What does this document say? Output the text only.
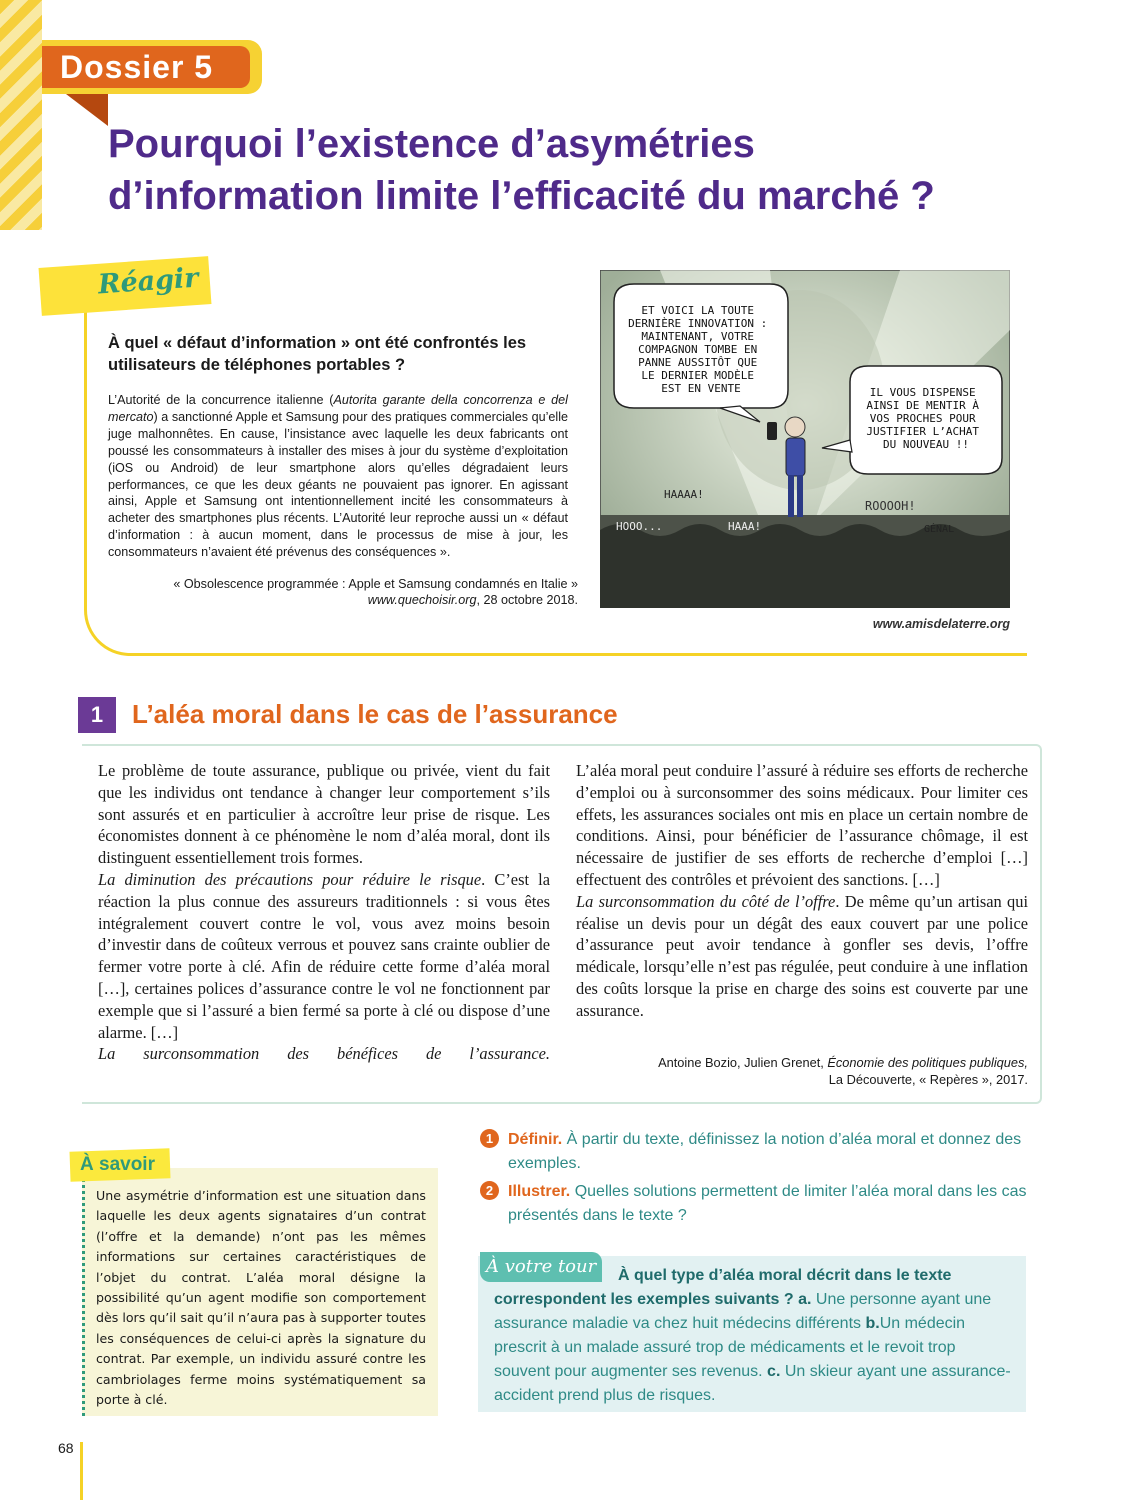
Dossier 5
Pourquoi l’existence d’asymétries
d’information limite l’efficacité du marché ?
Réagir
À quel « défaut d’information » ont été confrontés les utilisateurs de téléphones portables ?
L’Autorité de la concurrence italienne (Autorita garante della concorrenza e del mercato) a sanctionné Apple et Samsung pour des pratiques commerciales qu’elle juge malhonnêtes. En cause, l’insistance avec laquelle les deux fabricants ont poussé les consommateurs à installer des mises à jour du système d’exploitation (iOS ou Android) de leur smartphone alors qu’elles dégradaient leurs performances, ce que les deux géants ne pouvaient pas ignorer. En agissant ainsi, Apple et Samsung ont intentionnellement incité les consommateurs à acheter des smartphones plus récents. L’Autorité leur reproche aussi un « défaut d’information : à aucun moment, dans le processus de mise à jour, les consommateurs n’avaient été prévenus des conséquences ».
« Obsolescence programmée : Apple et Samsung condamnés en Italie »
www.quechoisir.org, 28 octobre 2018.
ET VOICI LA TOUTE DERNIÈRE INNOVATION : MAINTENANT, VOTRE COMPAGNON TOMBE EN PANNE AUSSITÔT QUE LE DERNIER MODÈLE EST EN VENTE	IL VOUS DISPENSE AINSI DE MENTIR À VOS PROCHES POUR JUSTIFIER L’ACHAT DU NOUVEAU !!
HAAAA!
HOOO...	HAAA!
ROOOOH!
GÉNAL
www.amisdelaterre.org
1	L’aléa moral dans le cas de l’assurance

Le problème de toute assurance, publique ou privée, vient du fait que les individus ont tendance à changer leur comportement s’ils sont assurés et en particulier à accroître leur prise de risque. Les économistes donnent à ce phénomène le nom d’aléa moral, dont ils distinguent essentiellement trois formes.

La diminution des précautions pour réduire le risque. C’est la réaction la plus connue des assureurs traditionnels : si vous êtes intégralement couvert contre le vol, vous avez moins besoin d’investir dans de coûteux verrous et pouvez sans crainte oublier de fermer votre porte à clé. Afin de réduire cette forme d’aléa moral […], certaines polices d’assurance contre le vol ne fonctionnent par exemple que si l’assuré a bien fermé sa porte à clé ou dispose d’une alarme. […]

La surconsommation des bénéfices de l’assurance.

L’aléa moral peut conduire l’assuré à réduire ses efforts de recherche d’emploi ou à surconsommer des soins médicaux. Pour limiter ces effets, les assurances sociales ont mis en place un certain nombre de conditions. Ainsi, pour bénéficier de l’assurance chômage, il est nécessaire de justifier de ses efforts de recherche d’emploi […] effectuent des contrôles et prévoient des sanctions. […]

La surconsommation du côté de l’offre. De même qu’un artisan qui réalise un devis pour un dégât des eaux couvert par une police d’assurance peut avoir tendance à gonfler ses devis, l’offre médicale, lorsqu’elle n’est pas régulée, peut conduire à une inflation des coûts lorsque la prise en charge des soins est couverte par une assurance.

Antoine Bozio, Julien Grenet, Économie des politiques publiques,
La Découverte, « Repères », 2017.
À savoir
Une asymétrie d’information est une situation dans laquelle les deux agents signataires d’un contrat (l’offre et la demande) n’ont pas les mêmes informations sur certaines caractéristiques de l’objet du contrat. L’aléa moral désigne la possibilité qu’un agent modifie son comportement dès lors qu’il sait qu’il n’aura pas à supporter toutes les conséquences de celui-ci après la signature du contrat. Par exemple, un individu assuré contre les cambriolages ferme moins systématiquement sa porte à clé.
1 Définir. À partir du texte, définissez la notion d’aléa moral et donnez des exemples.
2 Illustrer. Quelles solutions permettent de limiter l’aléa moral dans les cas présentés dans le texte ?
À votre tour	À quel type d’aléa moral décrit dans le texte correspondent les exemples suivants ? a. Une personne ayant une assurance maladie va chez huit médecins différents b.Un médecin prescrit à un malade assuré trop de médicaments et le revoit trop souvent pour augmenter ses revenus. c. Un skieur ayant une assurance-accident prend plus de risques.
68
